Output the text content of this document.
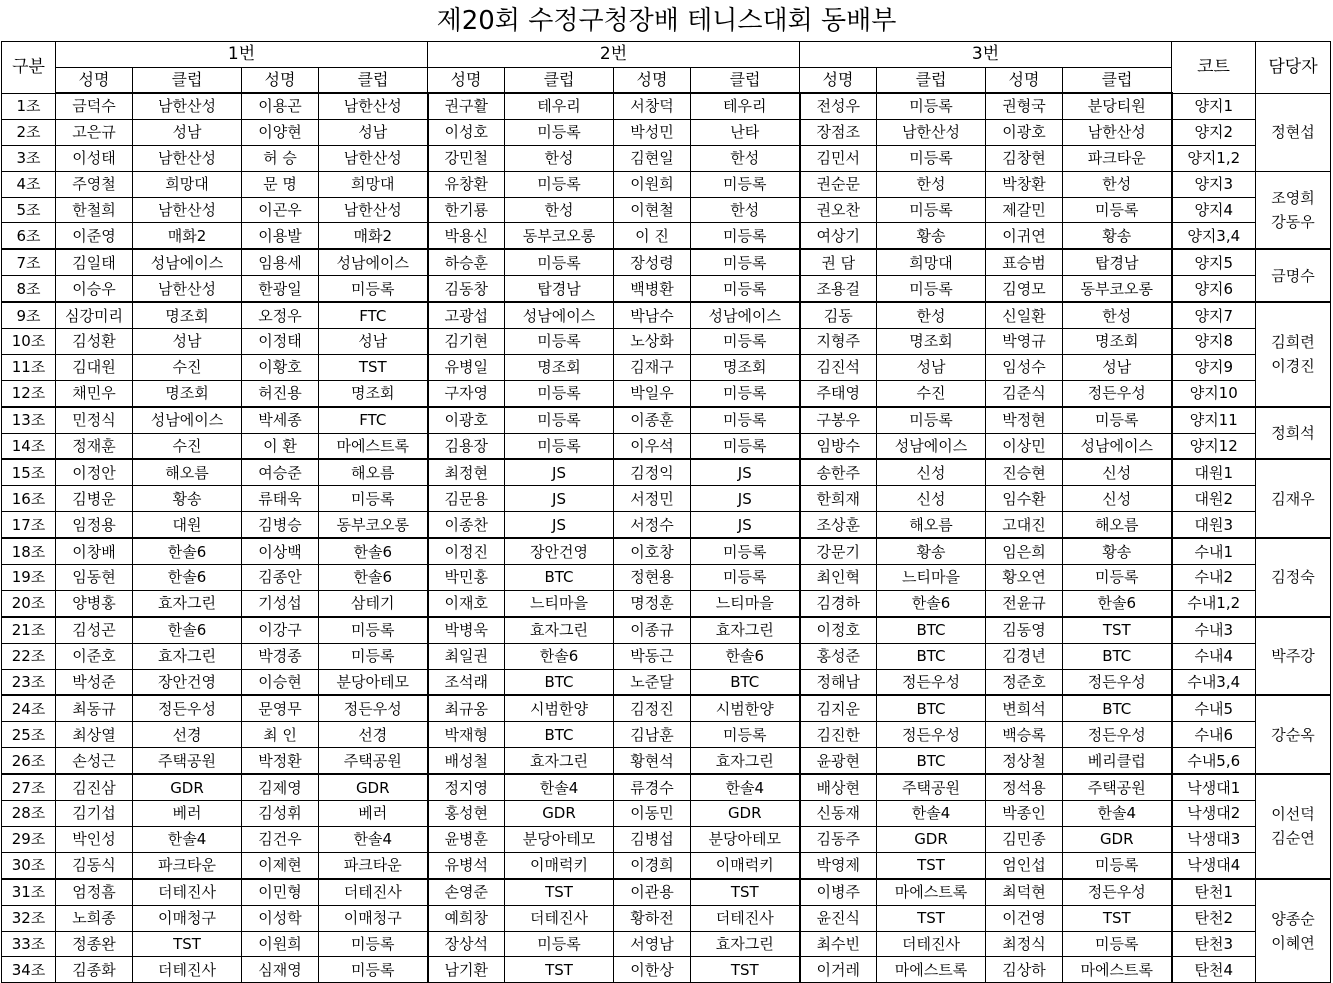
제20회 수정구청장배 테니스대회 동배부
구분	1번				2번				3번				코트	담당자
	성명	클럽	성명	클럽	성명	클럽	성명	클럽	성명	클럽	성명	클럽		
1조	금덕수	남한산성	이용곤	남한산성	권구활	테우리	서창덕	테우리	전성우	미등록	권형국	분당티원	양지1	정현섭

2조	고은규	성남	이양현	성남	이성호	미등록	박성민	난타	장점조	남한산성	이광호	남한산성	양지2	
3조	이성태	남한산성	허 승	남한산성	강민철	한성	김현일	한성	김민서	미등록	김창현	파크타운	양지1,2	
4조	주영철	희망대	문 명	희망대	유창환	미등록	이원희	미등록	권순문	한성	박창환	한성	양지3	조영희
강동우

5조	한철희	남한산성	이곤우	남한산성	한기룡	한성	이현철	한성	권오찬	미등록	제갈민	미등록	양지4	
6조	이준영	매화2	이용발	매화2	박용신	동부코오롱	이 진	미등록	여상기	황송	이귀연	황송	양지3,4	
7조	김일태	성남에이스	임용세	성남에이스	하승훈	미등록	장성령	미등록	권 담	희망대	표승범	탑경남	양지5	금명수

8조	이승우	남한산성	한광일	미등록	김동창	탑경남	백병환	미등록	조용걸	미등록	김영모	동부코오롱	양지6	
9조	심강미리	명조회	오정우	FTC	고광섭	성남에이스	박남수	성남에이스	김동	한성	신일환	한성	양지7	김희련
이경진

10조	김성환	성남	이정태	성남	김기현	미등록	노상화	미등록	지형주	명조회	박영규	명조회	양지8	
11조	김대원	수진	이황호	TST	유병일	명조회	김재구	명조회	김진석	성남	임성수	성남	양지9	
12조	채민우	명조회	허진용	명조회	구자영	미등록	박일우	미등록	주태영	수진	김준식	정든우성	양지10	
13조	민정식	성남에이스	박세종	FTC	이광호	미등록	이종훈	미등록	구봉우	미등록	박정현	미등록	양지11	정희석

14조	정재훈	수진	이 환	마에스트록	김용장	미등록	이우석	미등록	임방수	성남에이스	이상민	성남에이스	양지12	
15조	이정안	해오름	여승준	해오름	최정현	JS	김정익	JS	송한주	신성	진승현	신성	대원1	김재우

16조	김병운	황송	류태욱	미등록	김문용	JS	서정민	JS	한희재	신성	임수환	신성	대원2	
17조	임정용	대원	김병승	동부코오롱	이종찬	JS	서정수	JS	조상훈	해오름	고대진	해오름	대원3	
18조	이창배	한솔6	이상백	한솔6	이정진	장안건영	이호창	미등록	강문기	황송	임은희	황송	수내1	김정숙

19조	임동현	한솔6	김종안	한솔6	박민홍	BTC	정현용	미등록	최인혁	느티마을	황오연	미등록	수내2	
20조	양병홍	효자그린	기성섭	삼테기	이재호	느티마을	명정훈	느티마을	김경하	한솔6	전윤규	한솔6	수내1,2	
21조	김성곤	한솔6	이강구	미등록	박병욱	효자그린	이종규	효자그린	이정호	BTC	김동영	TST	수내3	박주강

22조	이준호	효자그린	박경종	미등록	최일권	한솔6	박동근	한솔6	홍성준	BTC	김경년	BTC	수내4	
23조	박성준	장안건영	이승현	분당아테모	조석래	BTC	노준달	BTC	정해남	정든우성	정준호	정든우성	수내3,4	
24조	최동규	정든우성	문영무	정든우성	최규옹	시범한양	김정진	시범한양	김지운	BTC	변희석	BTC	수내5	강순옥

25조	최상열	선경	최 인	선경	박재형	BTC	김남훈	미등록	김진한	정든우성	백승록	정든우성	수내6	
26조	손성근	주택공원	박정환	주택공원	배성철	효자그린	황현석	효자그린	윤광현	BTC	정상철	베리클럽	수내5,6	
27조	김진삼	GDR	김제영	GDR	정지영	한솔4	류경수	한솔4	배상현	주택공원	정석용	주택공원	낙생대1	이선덕
김순연

28조	김기섭	베러	김성휘	베러	홍성현	GDR	이동민	GDR	신동재	한솔4	박종인	한솔4	낙생대2	
29조	박인성	한솔4	김건우	한솔4	윤병훈	분당아테모	김병섭	분당아테모	김동주	GDR	김민종	GDR	낙생대3	
30조	김동식	파크타운	이제현	파크타운	유병석	이매럭키	이경희	이매럭키	박영제	TST	엄인섭	미등록	낙생대4	
31조	엄정흠	더테진사	이민형	더테진사	손영준	TST	이관용	TST	이병주	마에스트록	최덕현	정든우성	탄천1	양종순
이혜연

32조	노희종	이매청구	이성학	이매청구	예희창	더테진사	황하전	더테진사	윤진식	TST	이건영	TST	탄천2	
33조	정종완	TST	이원희	미등록	장상석	미등록	서영남	효자그린	최수빈	더테진사	최정식	미등록	탄천3	
34조	김종화	더테진사	심재영	미등록	남기환	TST	이한상	TST	이거레	마에스트록	김상하	마에스트록	탄천4	
